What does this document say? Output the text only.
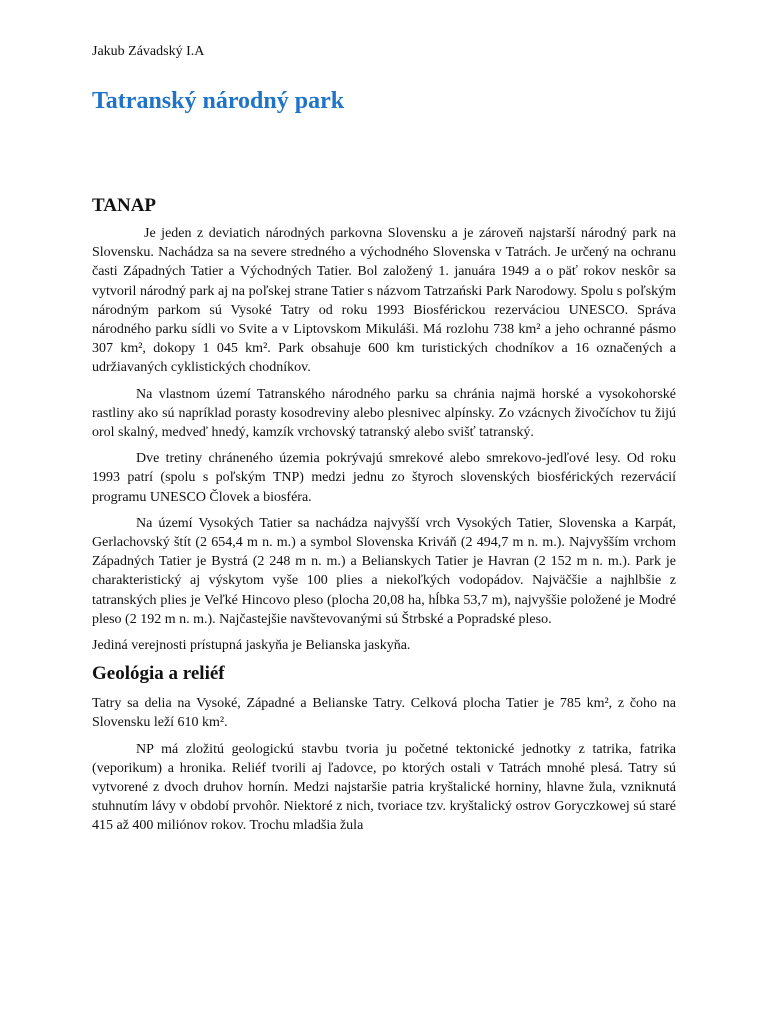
Jakub Závadský I.A
Tatranský národný park
TANAP

Je jeden z deviatich národných parkovna Slovensku a je zároveň najstarší národný park na Slovensku. Nachádza sa na severe stredného a východného Slovenska v Tatrách. Je určený na ochranu časti Západných Tatier a Východných Tatier. Bol založený 1. januára 1949 a o päť rokov neskôr sa vytvoril národný park aj na poľskej strane Tatier s názvom Tatrzański Park Narodowy. Spolu s poľským národným parkom sú Vysoké Tatry od roku 1993 Biosférickou rezerváciou UNESCO. Správa národného parku sídli vo Svite a v Liptovskom Mikuláši. Má rozlohu 738 km² a jeho ochranné pásmo 307 km², dokopy 1 045 km². Park obsahuje 600 km turistických chodníkov a 16 označených a udržiavaných cyklistických chodníkov.

Na vlastnom území Tatranského národného parku sa chránia najmä horské a vysokohorské rastliny ako sú napríklad porasty kosodreviny alebo plesnivec alpínsky. Zo vzácnych živočíchov tu žijú orol skalný, medveď hnedý, kamzík vrchovský tatranský alebo svišť tatranský.

Dve tretiny chráneného územia pokrývajú smrekové alebo smrekovo-jedľové lesy. Od roku 1993 patrí (spolu s poľským TNP) medzi jednu zo štyroch slovenských biosférických rezervácií programu UNESCO Človek a biosféra.

Na území Vysokých Tatier sa nachádza najvyšší vrch Vysokých Tatier, Slovenska a Karpát, Gerlachovský štít (2 654,4 m n. m.) a symbol Slovenska Kriváň (2 494,7 m n. m.). Najvyšším vrchom Západných Tatier je Bystrá (2 248 m n. m.) a Belianskych Tatier je Havran (2 152 m n. m.). Park je charakteristický aj výskytom vyše 100 plies a niekoľkých vodopádov. Najväčšie a najhlbšie z tatranských plies je Veľké Hincovo pleso (plocha 20,08 ha, hĺbka 53,7 m), najvyššie položené je Modré pleso (2 192 m n. m.). Najčastejšie navštevovanými sú Štrbské a Popradské pleso.

Jediná verejnosti prístupná jaskyňa je Belianska jaskyňa.

Geológia a reliéf

Tatry sa delia na Vysoké, Západné a Belianske Tatry. Celková plocha Tatier je 785 km², z čoho na Slovensku leží 610 km².

NP má zložitú geologickú stavbu tvoria ju početné tektonické jednotky z tatrika, fatrika (veporikum) a hronika. Reliéf tvorili aj ľadovce, po ktorých ostali v Tatrách mnohé plesá. Tatry sú vytvorené z dvoch druhov hornín. Medzi najstaršie patria kryštalické horniny, hlavne žula, vzniknutá stuhnutím lávy v období prvohôr. Niektoré z nich, tvoriace tzv. kryštalický ostrov Goryczkowej sú staré 415 až 400 miliónov rokov. Trochu mladšia žula
